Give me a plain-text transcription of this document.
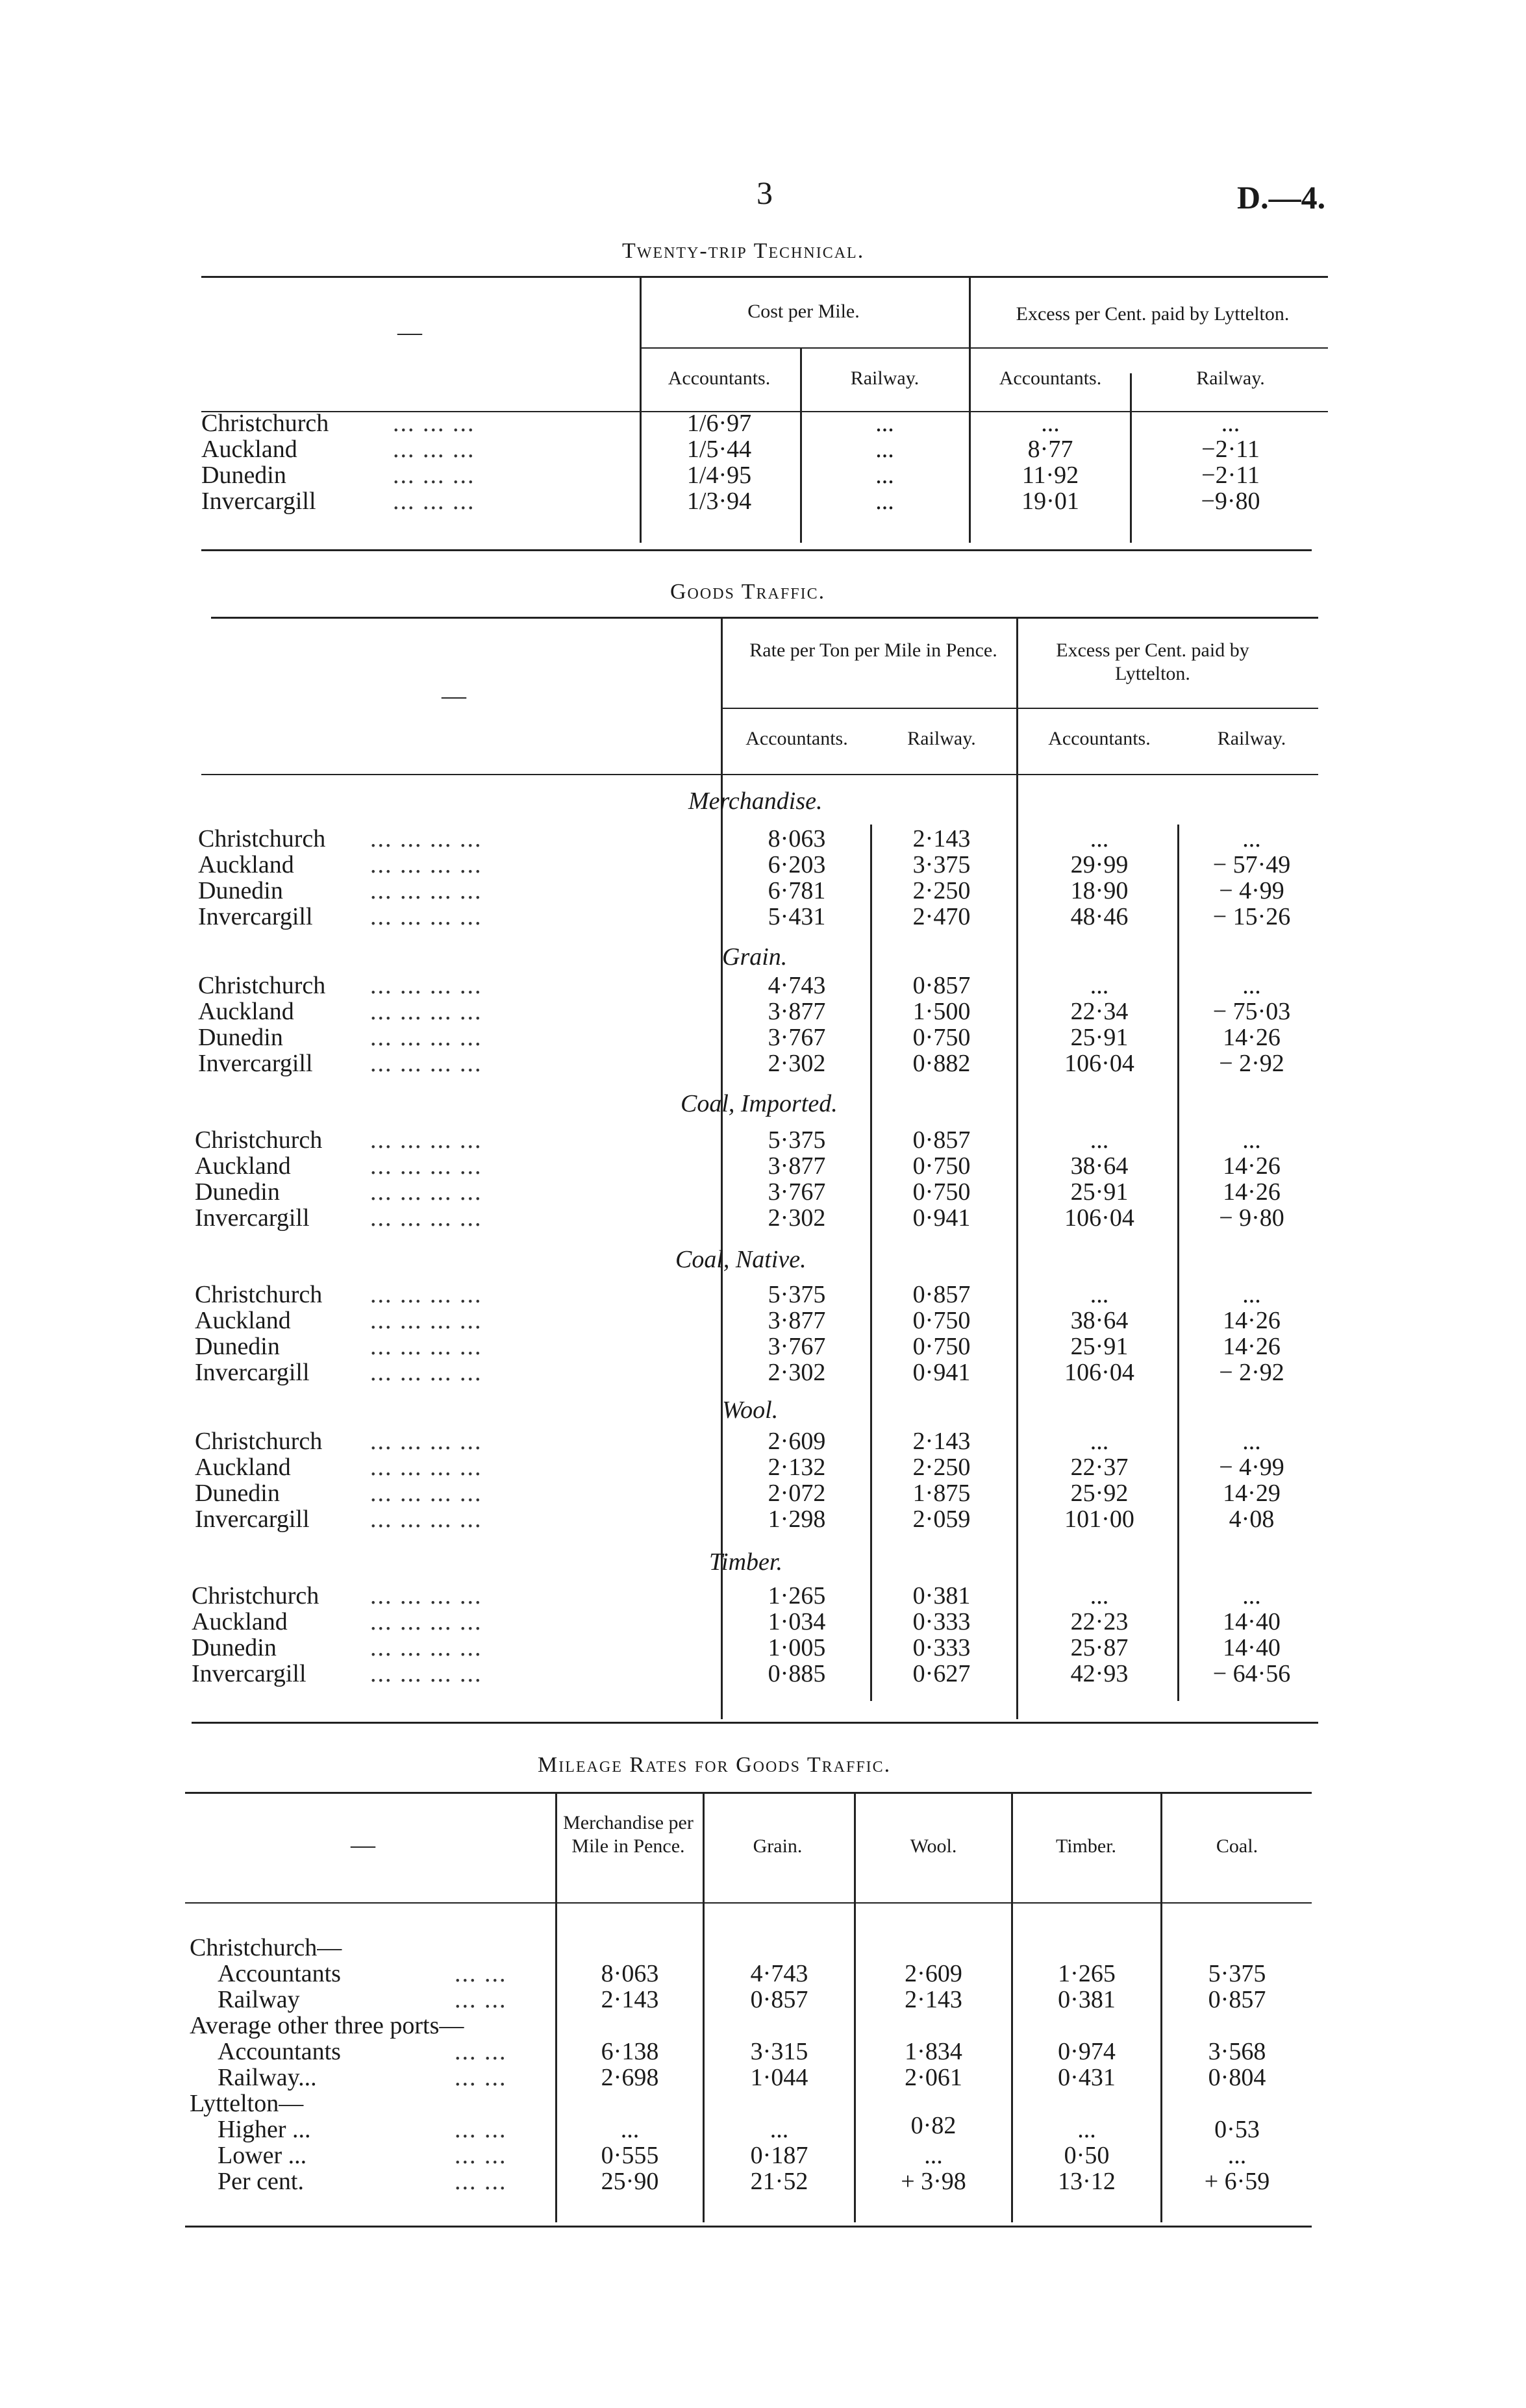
3	D.—4.
Twenty-trip Technical.
—
Cost per Mile.	Excess per Cent. paid by Lyttelton.
Accountants.	Railway.	Accountants.	Railway.
Christchurch	... ... ...	1/6·97	...	...	...
Auckland	... ... ...	1/5·44	...	8·77	−2·11
Dunedin	... ... ...	1/4·95	...	11·92	−2·11
Invercargill	... ... ...	1/3·94	...	19·01	−9·80
Goods Traffic.
—
Rate per Ton per Mile in Pence.	Excess per Cent. paid by Lyttelton.
Accountants.	Railway.	Accountants.	Railway.
Merchandise.
Christchurch ... ... ... ...	8·063	2·143	...	...
Auckland	... ... ... ...	6·203	3·375	29·99	− 57·49
Dunedin	... ... ... ...	6·781	2·250	18·90	− 4·99
Invercargill ... ... ... ...	5·431	2·470	48·46	− 15·26
Grain.
Christchurch ... ... ... ...	4·743	0·857	...	...
Auckland	... ... ... ...	3·877	1·500	22·34	− 75·03
Dunedin	... ... ... ...	3·767	0·750	25·91	14·26
Invercargill ... ... ... ...	2·302	0·882	106·04	− 2·92
Coal, Imported.
Christchurch ... ... ... ...	5·375	0·857	...	...
Auckland	... ... ... ...	3·877	0·750	38·64	14·26
Dunedin	... ... ... ...	3·767	0·750	25·91	14·26
Invercargill ... ... ... ...	2·302	0·941	106·04	− 9·80
Coal, Native.
Christchurch ... ... ... ...	5·375	0·857	...	...
Auckland	... ... ... ...	3·877	0·750	38·64	14·26
Dunedin	... ... ... ...	3·767	0·750	25·91	14·26
Invercargill ... ... ... ...	2·302	0·941	106·04	− 2·92
Wool.
Christchurch ... ... ... ...	2·609	2·143	...	...
Auckland	... ... ... ...	2·132	2·250	22·37	− 4·99
Dunedin	... ... ... ...	2·072	1·875	25·92	14·29
Invercargill ... ... ... ...	1·298	2·059	101·00	4·08
Timber.
Christchurch ... ... ... ...	1·265	0·381	...	...
Auckland	... ... ... ...	1·034	0·333	22·23	14·40
Dunedin	... ... ... ...	1·005	0·333	25·87	14·40
Invercargill	... ... ... ...	0·885	0·627	42·93	− 64·56
Mileage Rates for Goods Traffic.
—
Merchandise per Mile in Pence.	Grain.	Wool.	Timber.	Coal.
Christchurch—
Accountants	... ...	8·063	4·743	2·609	1·265	5·375
Railway	... ...	2·143	0·857	2·143	0·381	0·857
Average other three ports—
Accountants	... ...	6·138	3·315	1·834	0·974	3·568
Railway...	... ...	2·698	1·044	2·061	0·431	0·804
Lyttelton—
Higher ...	... ...	...	...	0·82	...	0·53
Lower ...	... ...	0·555	0·187	...	0·50	...
Per cent.	... ...	25·90	21·52	+ 3·98	13·12	+ 6·59
